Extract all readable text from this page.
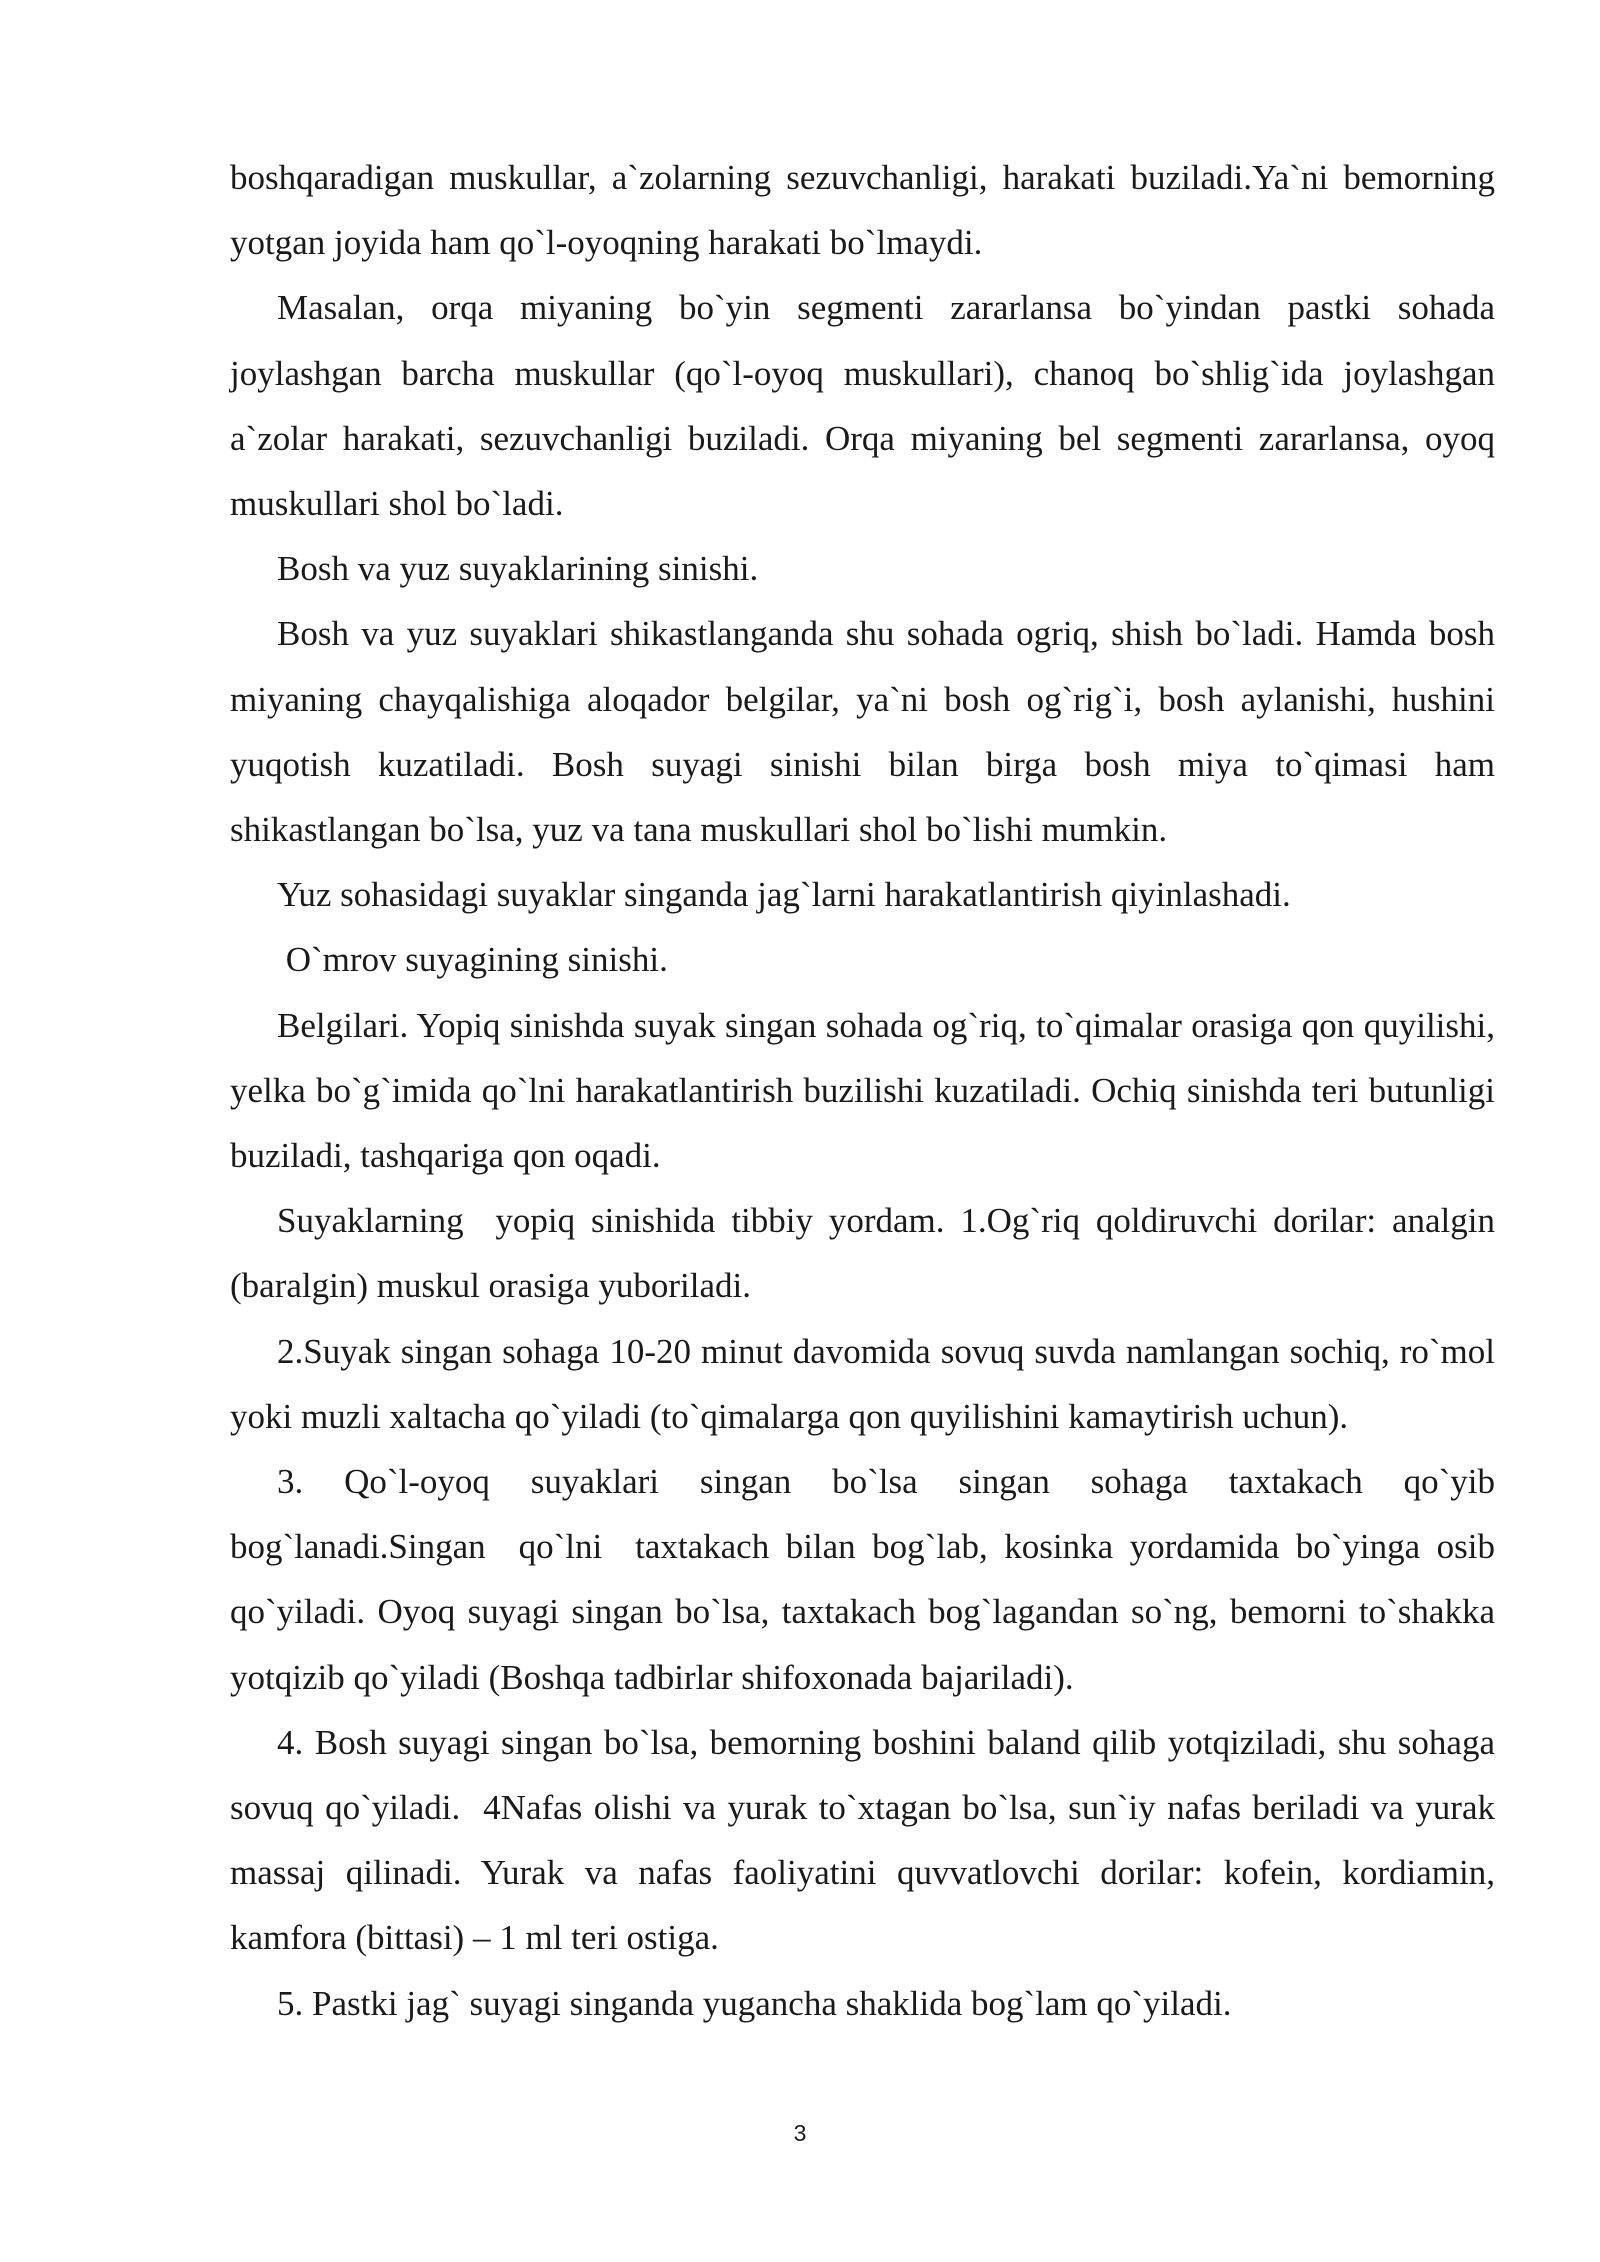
boshqaradigan muskullar, a`zolarning sezuvchanligi, harakati buziladi.Ya`ni bemorning yotgan joyida ham qo`l-oyoqning harakati bo`lmaydi.

Masalan, orqa miyaning bo`yin segmenti zararlansa bo`yindan pastki sohada joylashgan barcha muskullar (qo`l-oyoq muskullari), chanoq bo`shlig`ida joylashgan a`zolar harakati, sezuvchanligi buziladi. Orqa miyaning bel segmenti zararlansa, oyoq muskullari shol bo`ladi.

Bosh va yuz suyaklarining sinishi.

Bosh va yuz suyaklari shikastlanganda shu sohada ogriq, shish bo`ladi. Hamda bosh miyaning chayqalishiga aloqador belgilar, ya`ni bosh og`rig`i, bosh aylanishi, hushini yuqotish kuzatiladi. Bosh suyagi sinishi bilan birga bosh miya to`qimasi ham shikastlangan bo`lsa, yuz va tana muskullari shol bo`lishi mumkin.

Yuz sohasidagi suyaklar singanda jag`larni harakatlantirish qiyinlashadi.

O`mrov suyagining sinishi.

Belgilari. Yopiq sinishda suyak singan sohada og`riq, to`qimalar orasiga qon quyilishi, yelka bo`g`imida qo`lni harakatlantirish buzilishi kuzatiladi. Ochiq sinishda teri butunligi buziladi, tashqariga qon oqadi.

Suyaklarning  yopiq sinishida tibbiy yordam. 1.Og`riq qoldiruvchi dorilar: analgin (baralgin) muskul orasiga yuboriladi.

2.Suyak singan sohaga 10-20 minut davomida sovuq suvda namlangan sochiq, ro`mol yoki muzli xaltacha qo`yiladi (to`qimalarga qon quyilishini kamaytirish uchun).

3. Qo`l-oyoq suyaklari singan bo`lsa singan sohaga taxtakach qo`yib bog`lanadi.Singan  qo`lni  taxtakach bilan bog`lab, kosinka yordamida bo`yinga osib qo`yiladi. Oyoq suyagi singan bo`lsa, taxtakach bog`lagandan so`ng, bemorni to`shakka yotqizib qo`yiladi (Boshqa tadbirlar shifoxonada bajariladi).

4. Bosh suyagi singan bo`lsa, bemorning boshini baland qilib yotqiziladi, shu sohaga sovuq qo`yiladi.  4Nafas olishi va yurak to`xtagan bo`lsa, sun`iy nafas beriladi va yurak massaj qilinadi. Yurak va nafas faoliyatini quvvatlovchi dorilar: kofein, kordiamin, kamfora (bittasi) – 1 ml teri ostiga.

5. Pastki jag` suyagi singanda yugancha shaklida bog`lam qo`yiladi.

3
